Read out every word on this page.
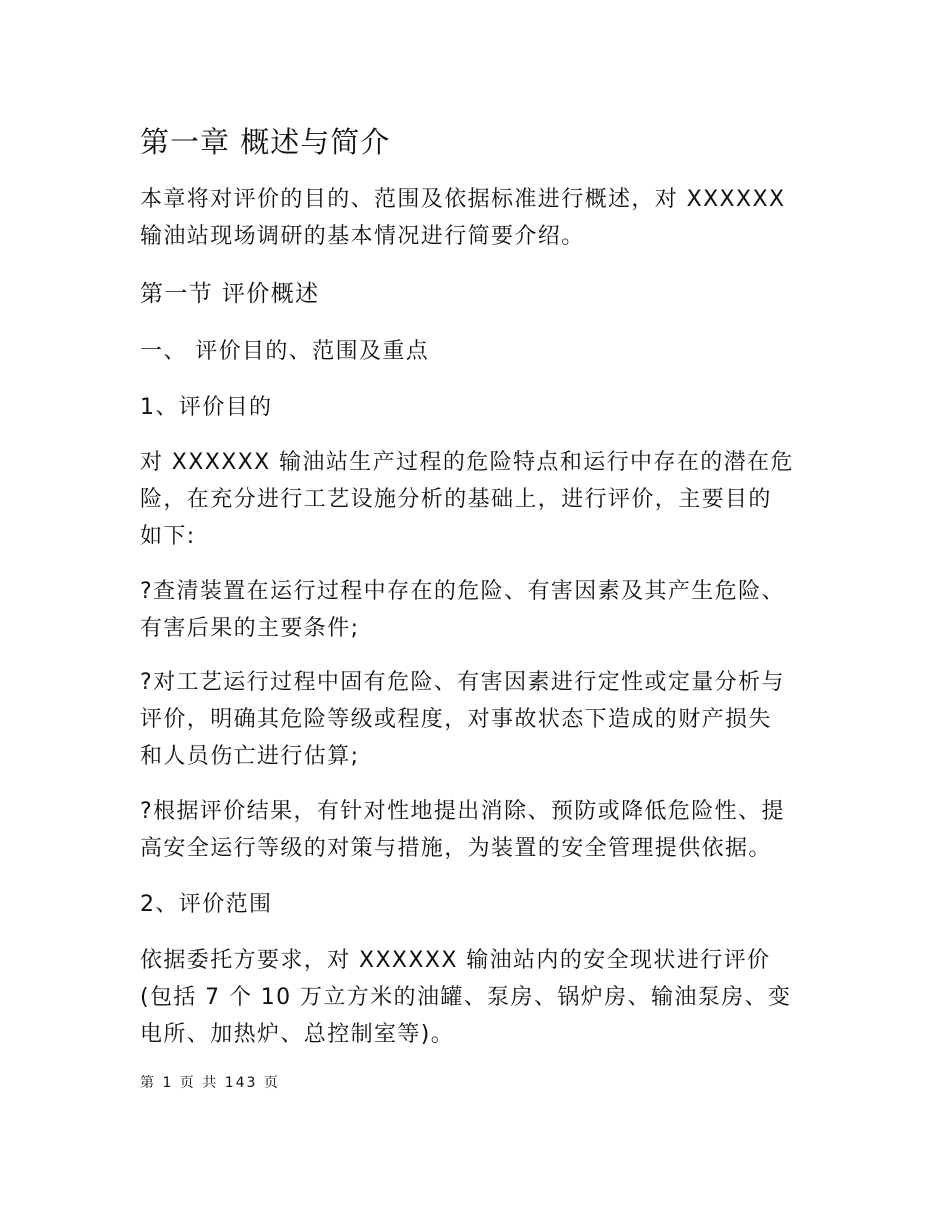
第一章 概述与简介
本章将对评价的目的、范围及依据标准进行概述，对 XXXXXX
输油站现场调研的基本情况进行简要介绍。
第一节 评价概述
一、 评价目的、范围及重点
1、评价目的
对 XXXXXX 输油站生产过程的危险特点和运行中存在的潜在危
险，在充分进行工艺设施分析的基础上，进行评价，主要目的
如下:
?查清装置在运行过程中存在的危险、有害因素及其产生危险、
有害后果的主要条件;
?对工艺运行过程中固有危险、有害因素进行定性或定量分析与
评价，明确其危险等级或程度，对事故状态下造成的财产损失
和人员伤亡进行估算;
?根据评价结果，有针对性地提出消除、预防或降低危险性、提
高安全运行等级的对策与措施，为装置的安全管理提供依据。
2、评价范围
依据委托方要求，对 XXXXXX 输油站内的安全现状进行评价
(包括 7 个 10 万立方米的油罐、泵房、锅炉房、输油泵房、变
电所、加热炉、总控制室等)。
第 1 页 共 143 页
